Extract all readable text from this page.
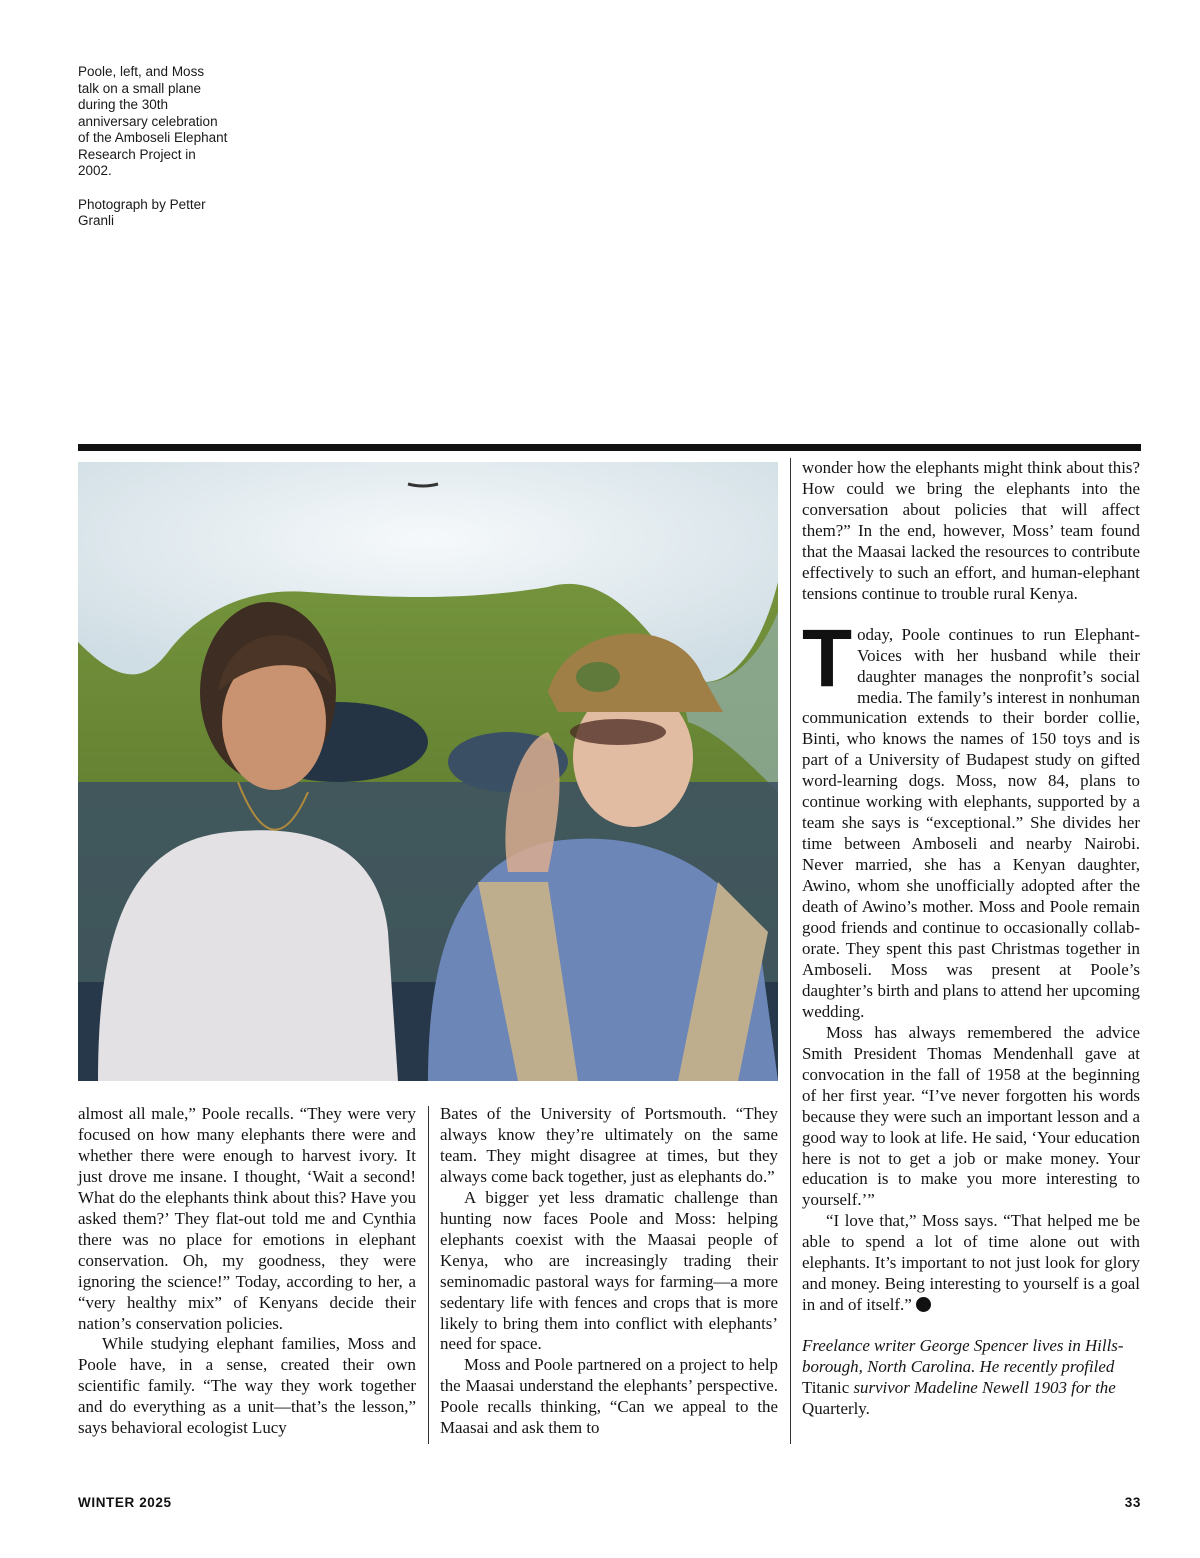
Poole, left, and Moss talk on a small plane during the 30th anniversary celebration of the Amboseli Elephant Research Project in 2002.
Photograph by Petter Granli

almost all male,” Poole recalls. “They were very focused on how many elephants there were and whether there were enough to harvest ivory. It just drove me insane. I thought, ‘Wait a second! What do the elephants think about this? Have you asked them?’ They flat-out told me and Cynthia there was no place for emotions in elephant conservation. Oh, my goodness, they were ignoring the science!” Today, according to her, a “very healthy mix” of Kenyans decide their nation’s conservation policies.

While studying elephant families, Moss and Poole have, in a sense, created their own scientific family. “The way they work together and do everything as a unit—that’s the lesson,” says behavioral ecologist Lucy

Bates of the University of Portsmouth. “They always know they’re ultimately on the same team. They might disagree at times, but they always come back together, just as elephants do.”

A bigger yet less dramatic challenge than hunting now faces Poole and Moss: helping elephants coexist with the Maasai people of Kenya, who are increasingly trading their seminomadic pastoral ways for farming—a more sedentary life with fences and crops that is more likely to bring them into conflict with elephants’ need for space.

Moss and Poole partnered on a project to help the Maasai understand the elephants’ perspective. Poole recalls thinking, “Can we appeal to the Maasai and ask them to

wonder how the elephants might think about this? How could we bring the elephants into the conversation about policies that will affect them?” In the end, however, Moss’ team found that the Maasai lacked the resources to contribute effectively to such an effort, and human-elephant tensions continue to trouble rural Kenya.

Today, Poole continues to run ElephantVoices with her husband while their daughter manages the nonprofit’s social media. The family’s interest in nonhuman communication extends to their border collie, Binti, who knows the names of 150 toys and is part of a University of Budapest study on gifted word-learning dogs. Moss, now 84, plans to continue working with elephants, supported by a team she says is “exceptional.” She divides her time between Amboseli and nearby Nairobi. Never married, she has a Kenyan daughter, Awino, whom she unofficially adopted after the death of Awino’s mother. Moss and Poole remain good friends and continue to occasionally collaborate. They spent this past Christmas together in Amboseli. Moss was present at Poole’s daughter’s birth and plans to attend her upcoming wedding.

Moss has always remembered the advice Smith President Thomas Mendenhall gave at convocation in the fall of 1958 at the beginning of her first year. “I’ve never forgotten his words because they were such an important lesson and a good way to look at life. He said, ‘Your education here is not to get a job or make money. Your education is to make you more interesting to yourself.’”

“I love that,” Moss says. “That helped me be able to spend a lot of time alone out with elephants. It’s important to not just look for glory and money. Being interesting to yourself is a goal in and of itself.”

Freelance writer George Spencer lives in Hillsborough, North Carolina. He recently profiled Titanic survivor Madeline Newell 1903 for the Quarterly.

WINTER 2025	33
